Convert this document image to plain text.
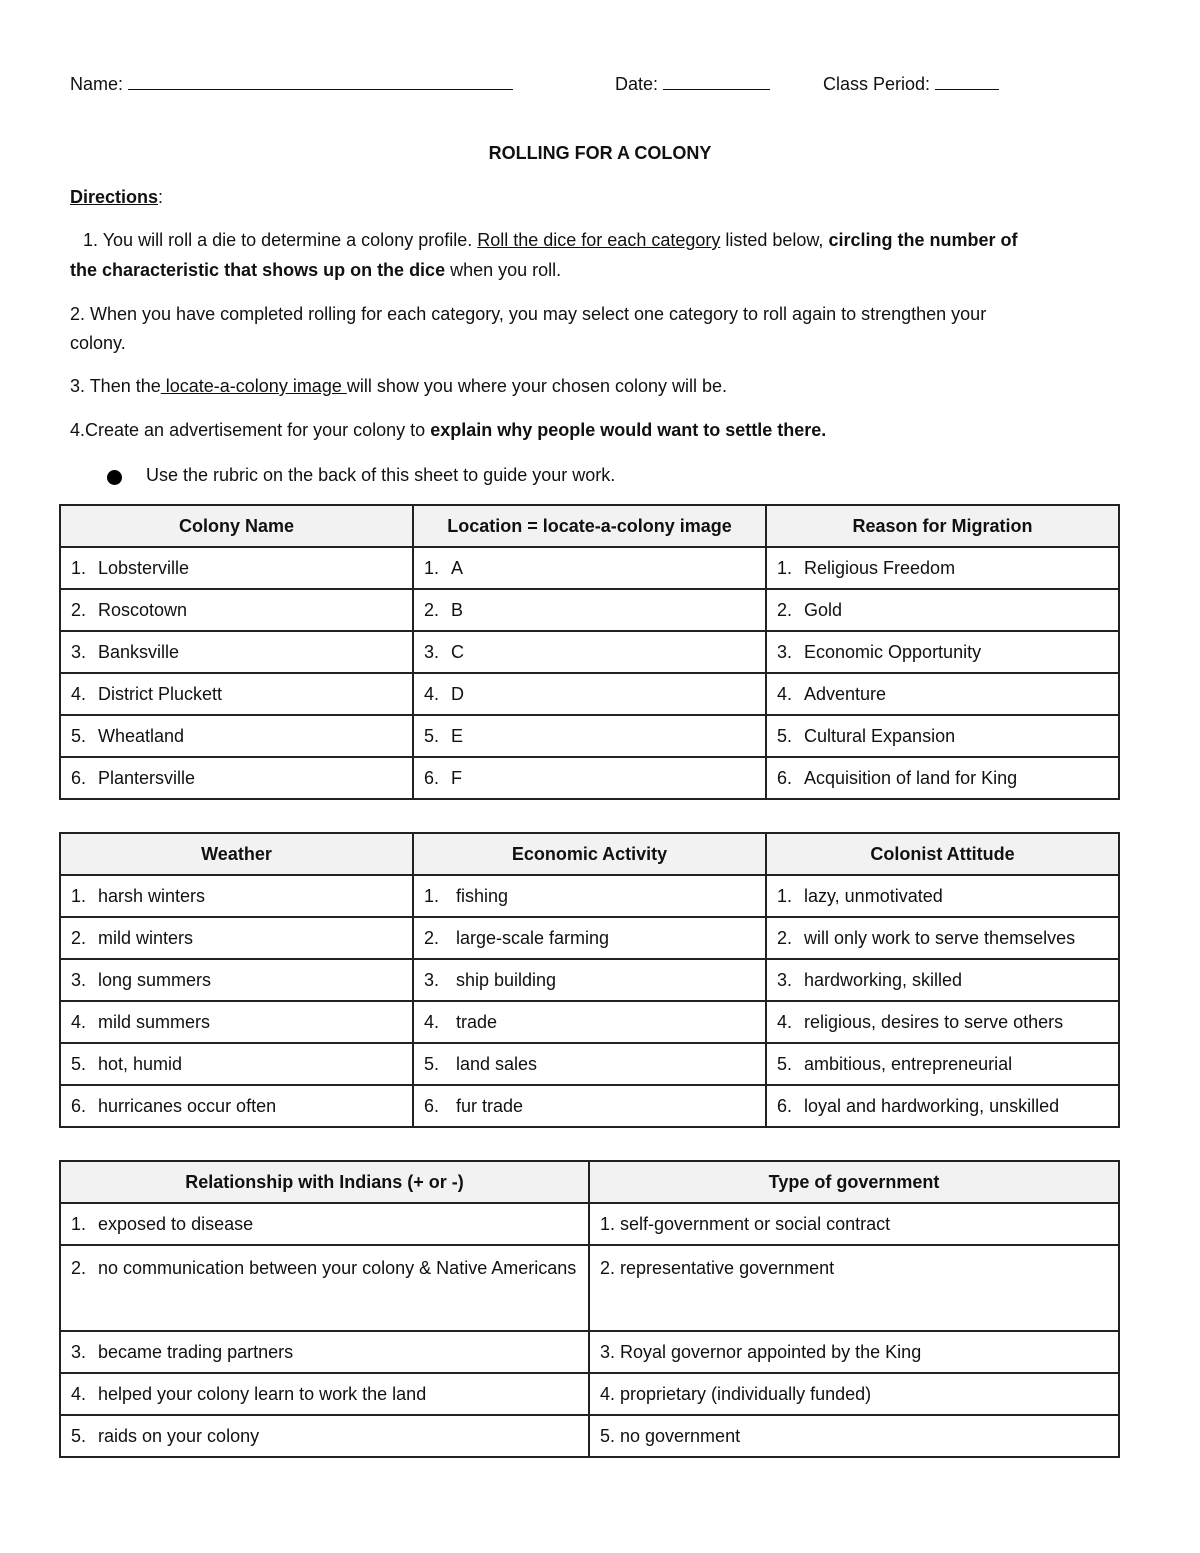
Name:	Date:	Class Period:
ROLLING FOR A COLONY
Directions:
1. You will roll a die to determine a colony profile. Roll the dice for each category listed below, circling the number of
the characteristic that shows up on the dice when you roll.
2. When you have completed rolling for each category, you may select one category to roll again to strengthen your
colony.
3. Then the locate-a-colony image will show you where your chosen colony will be.
4.Create an advertisement for your colony to explain why people would want to settle there.
Use the rubric on the back of this sheet to guide your work.
Colony Name	Location = locate-a-colony image	Reason for Migration
1. Lobsterville	1. A	1. Religious Freedom
2. Roscotown	2. B	2. Gold
3. Banksville	3. C	3. Economic Opportunity
4. District Pluckett	4. D	4. Adventure
5. Wheatland	5. E	5. Cultural Expansion
6. Plantersville	6. F	6. Acquisition of land for King
Weather	Economic Activity	Colonist Attitude
1. harsh winters	1. fishing	1. lazy, unmotivated
2. mild winters	2. large-scale farming	2. will only work to serve themselves
3. long summers	3. ship building	3. hardworking, skilled
4. mild summers	4. trade	4. religious, desires to serve others
5. hot, humid	5. land sales	5. ambitious, entrepreneurial
6. hurricanes occur often	6. fur trade	6. loyal and hardworking, unskilled
Relationship with Indians (+ or -)	Type of government
1. exposed to disease	1. self-government or social contract
2. no communication between your colony & Native Americans	2. representative government
3. became trading partners	3. Royal governor appointed by the King
4. helped your colony learn to work the land	4. proprietary (individually funded)
5. raids on your colony	5. no government
